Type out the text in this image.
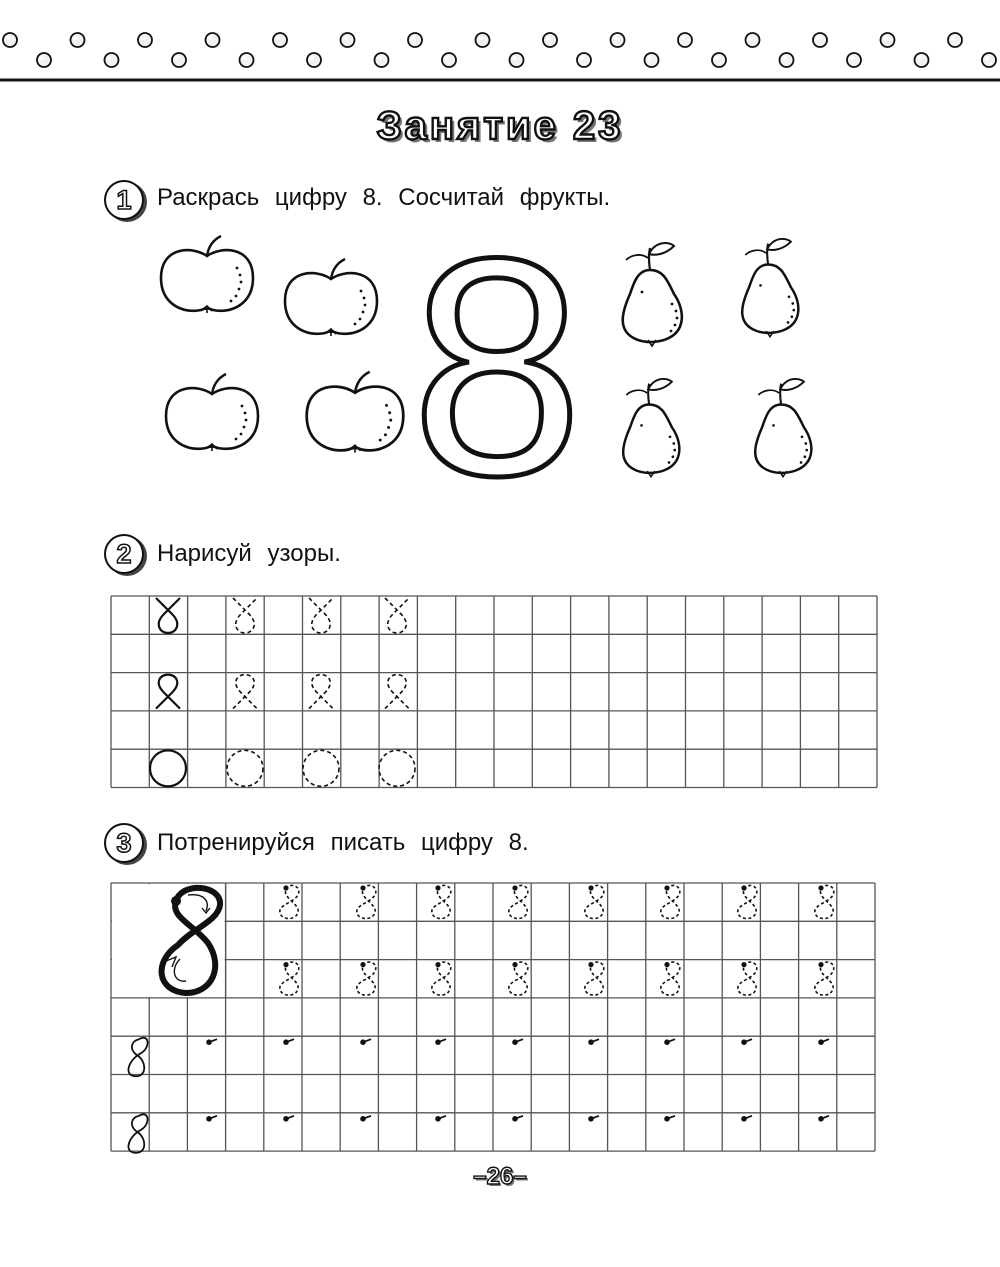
Занятие 23
1	Раскрась цифру 8. Сосчитай фрукты.
8
2	Нарисуй узоры.
3	Потренируйся писать цифру 8.
–26–
